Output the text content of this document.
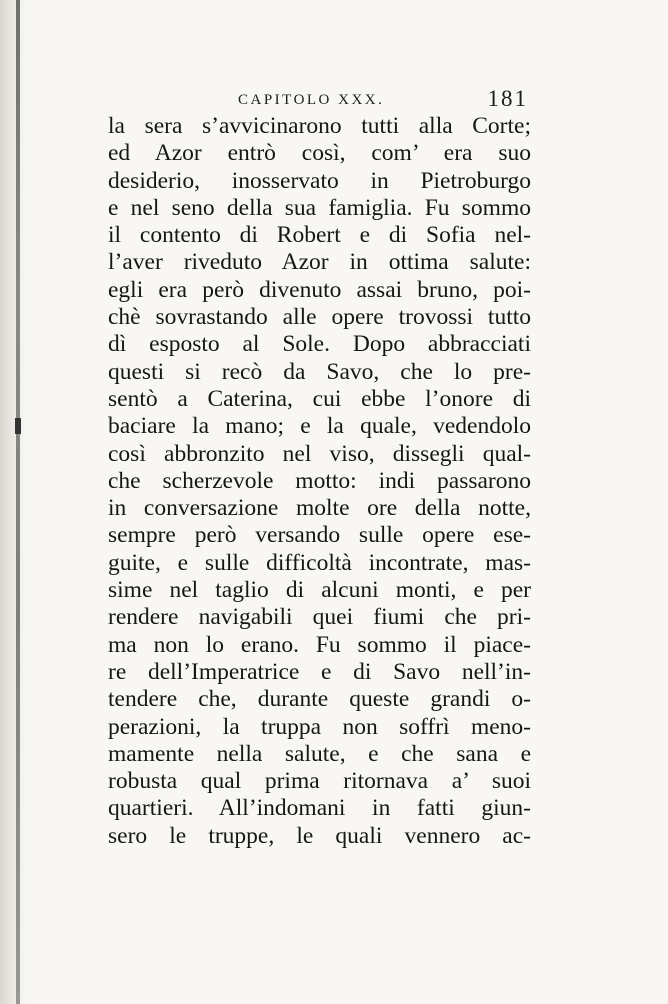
CAPITOLO XXX.	181
la sera s’avvicinarono tutti alla Corte;
ed Azor entrò così, com’ era suo
desiderio, inosservato in Pietroburgo
e nel seno della sua famiglia. Fu sommo
il contento di Robert e di Sofia nel-
l’aver riveduto Azor in ottima salute:
egli era però divenuto assai bruno, poi-
chè sovrastando alle opere trovossi tutto
dì esposto al Sole. Dopo abbracciati
questi si recò da Savo, che lo pre-
sentò a Caterina, cui ebbe l’onore di
baciare la mano; e la quale, vedendolo
così abbronzito nel viso, dissegli qual-
che scherzevole motto: indi passarono
in conversazione molte ore della notte,
sempre però versando sulle opere ese-
guite, e sulle difficoltà incontrate, mas-
sime nel taglio di alcuni monti, e per
rendere navigabili quei fiumi che pri-
ma non lo erano. Fu sommo il piace-
re dell’Imperatrice e di Savo nell’in-
tendere che, durante queste grandi o-
perazioni, la truppa non soffrì meno-
mamente nella salute, e che sana e
robusta qual prima ritornava a’ suoi
quartieri. All’indomani in fatti giun-
sero le truppe, le quali vennero ac-
